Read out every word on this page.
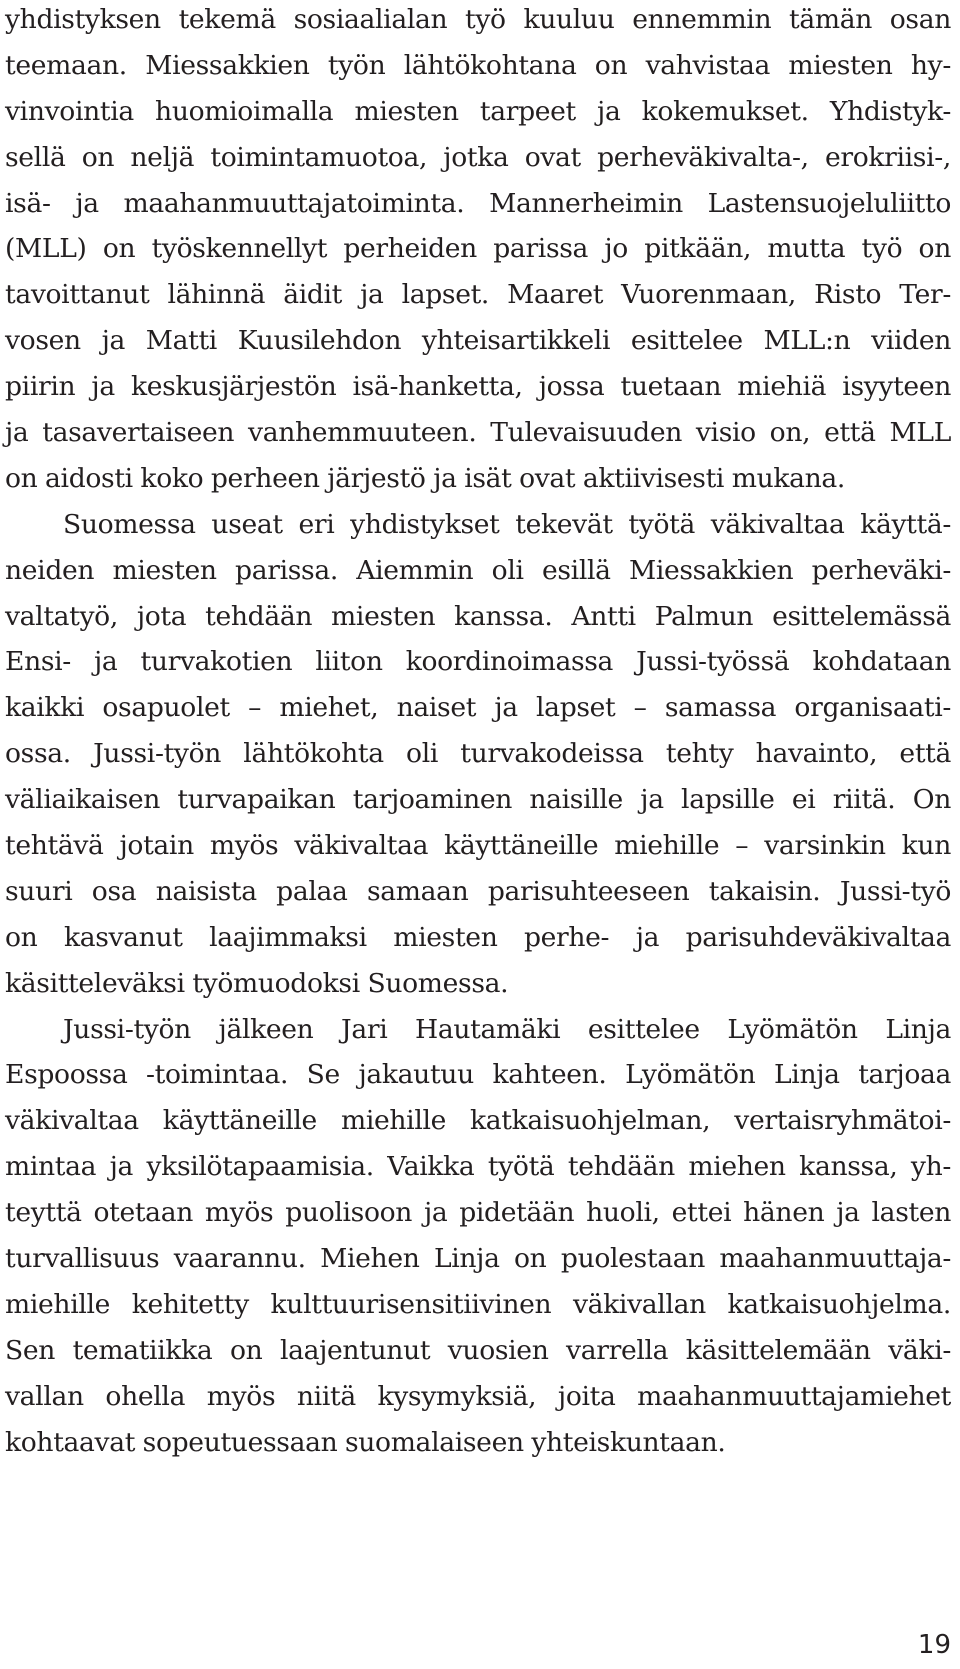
yhdistyksen tekemä sosiaalialan työ kuuluu ennemmin tämän osan
teemaan. Miessakkien työn lähtökohtana on vahvistaa miesten hy-
vinvointia huomioimalla miesten tarpeet ja kokemukset. Yhdistyk-
sellä on neljä toimintamuotoa, jotka ovat perheväkivalta-, erokriisi-,
isä- ja maahanmuuttajatoiminta. Mannerheimin Lastensuojeluliitto
(MLL) on työskennellyt perheiden parissa jo pitkään, mutta työ on
tavoittanut lähinnä äidit ja lapset. Maaret Vuorenmaan, Risto Ter-
vosen ja Matti Kuusilehdon yhteisartikkeli esittelee MLL:n viiden
piirin ja keskusjärjestön isä-hanketta, jossa tuetaan miehiä isyyteen
ja tasavertaiseen vanhemmuuteen. Tulevaisuuden visio on, että MLL
on aidosti koko perheen järjestö ja isät ovat aktiivisesti mukana.
Suomessa useat eri yhdistykset tekevät työtä väkivaltaa käyttä-
neiden miesten parissa. Aiemmin oli esillä Miessakkien perheväki-
valtatyö, jota tehdään miesten kanssa. Antti Palmun esittelemässä
Ensi- ja turvakotien liiton koordinoimassa Jussi-työssä kohdataan
kaikki osapuolet – miehet, naiset ja lapset – samassa organisaati-
ossa. Jussi-työn lähtökohta oli turvakodeissa tehty havainto, että
väliaikaisen turvapaikan tarjoaminen naisille ja lapsille ei riitä. On
tehtävä jotain myös väkivaltaa käyttäneille miehille – varsinkin kun
suuri osa naisista palaa samaan parisuhteeseen takaisin. Jussi-työ
on kasvanut laajimmaksi miesten perhe- ja parisuhdeväkivaltaa
käsitteleväksi työmuodoksi Suomessa.
Jussi-työn jälkeen Jari Hautamäki esittelee Lyömätön Linja
Espoossa -toimintaa. Se jakautuu kahteen. Lyömätön Linja tarjoaa
väkivaltaa käyttäneille miehille katkaisuohjelman, vertaisryhmätoi-
mintaa ja yksilötapaamisia. Vaikka työtä tehdään miehen kanssa, yh-
teyttä otetaan myös puolisoon ja pidetään huoli, ettei hänen ja lasten
turvallisuus vaarannu. Miehen Linja on puolestaan maahanmuuttaja-
miehille kehitetty kulttuurisensitiivinen väkivallan katkaisuohjelma.
Sen tematiikka on laajentunut vuosien varrella käsittelemään väki-
vallan ohella myös niitä kysymyksiä, joita maahanmuuttajamiehet
kohtaavat sopeutuessaan suomalaiseen yhteiskuntaan.
19
